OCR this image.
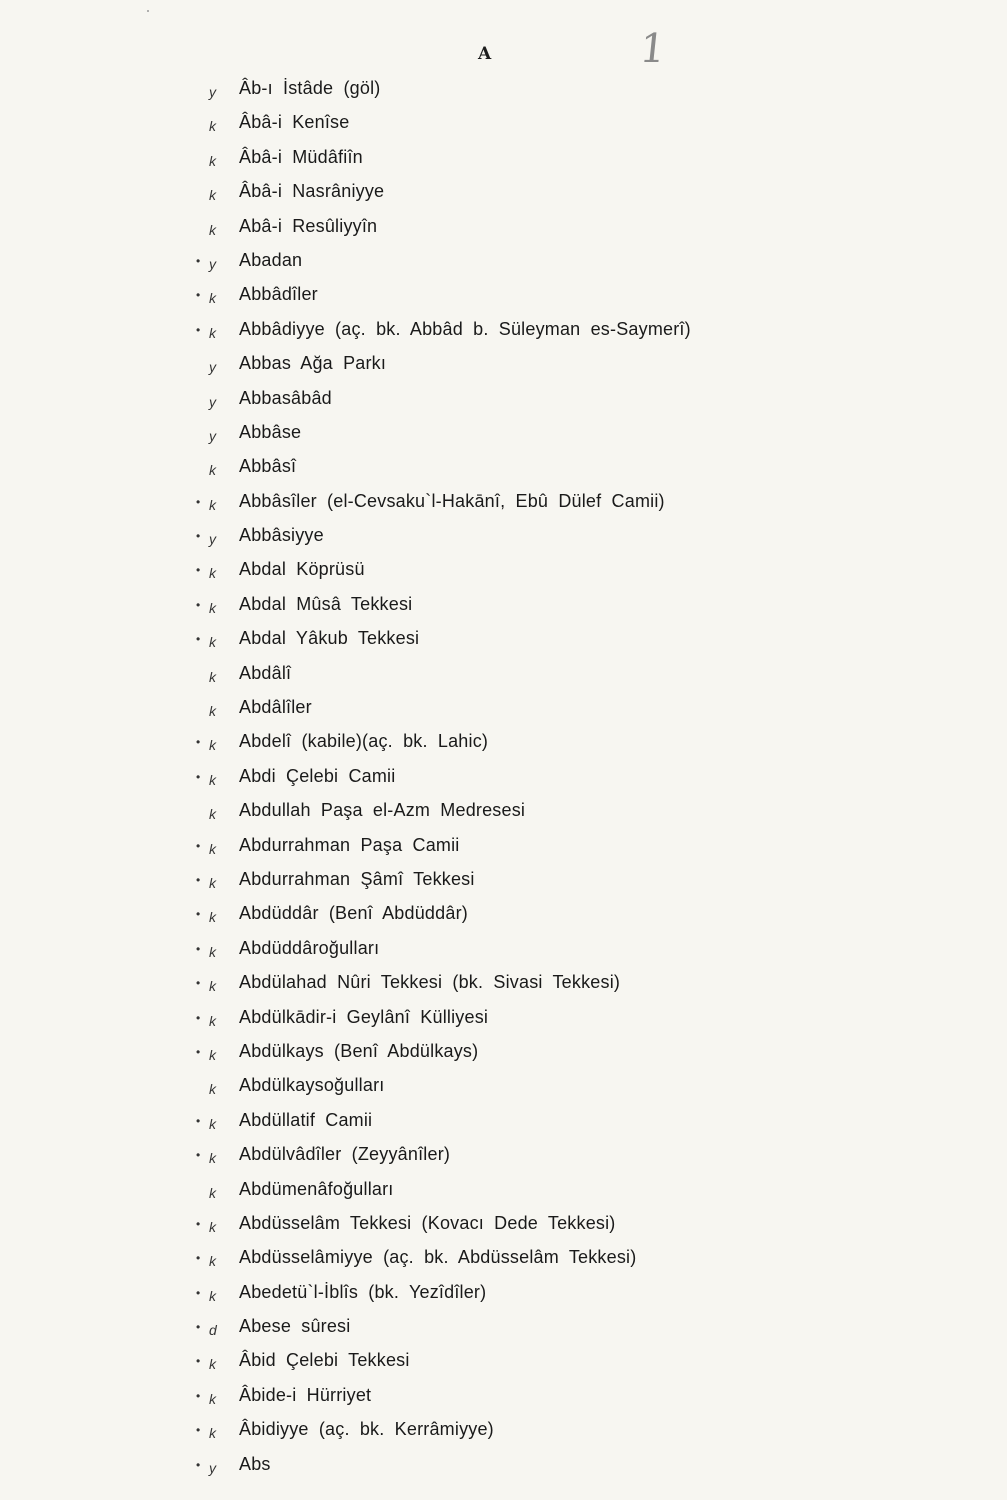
A	1
y	Âb-ı İstâde (göl)
k	Âbâ-i Kenîse
k	Âbâ-i Müdâfiîn
k	Âbâ-i Nasrâniyye
k	Abâ-i Resûliyyîn
• y	Abadan
• k	Abbâdîler
• k	Abbâdiyye (aç. bk. Abbâd b. Süleyman es-Saymerî)
y	Abbas Ağa Parkı
y	Abbasâbâd
y	Abbâse
k	Abbâsî
• k	Abbâsîler (el-Cevsaku`l-Hakānî, Ebû Dülef Camii)
• y	Abbâsiyye
• k	Abdal Köprüsü
• k	Abdal Mûsâ Tekkesi
• k	Abdal Yâkub Tekkesi
k	Abdâlî
k	Abdâlîler
• k	Abdelî (kabile)(aç. bk. Lahic)
• k	Abdi Çelebi Camii
k	Abdullah Paşa el-Azm Medresesi
• k	Abdurrahman Paşa Camii
• k	Abdurrahman Şâmî Tekkesi
• k	Abdüddâr (Benî Abdüddâr)
• k	Abdüddâroğulları
• k	Abdülahad Nûri Tekkesi (bk. Sivasi Tekkesi)
• k	Abdülkādir-i Geylânî Külliyesi
• k	Abdülkays (Benî Abdülkays)
k	Abdülkaysoğulları
• k	Abdüllatif Camii
• k	Abdülvâdîler (Zeyyânîler)
k	Abdümenâfoğulları
• k	Abdüsselâm Tekkesi (Kovacı Dede Tekkesi)
• k	Abdüsselâmiyye (aç. bk. Abdüsselâm Tekkesi)
• k	Abedetü`l-İblîs (bk. Yezîdîler)
• d	Abese sûresi
• k	Âbid Çelebi Tekkesi
• k	Âbide-i Hürriyet
• k	Âbidiyye (aç. bk. Kerrâmiyye)
• y	Abs
